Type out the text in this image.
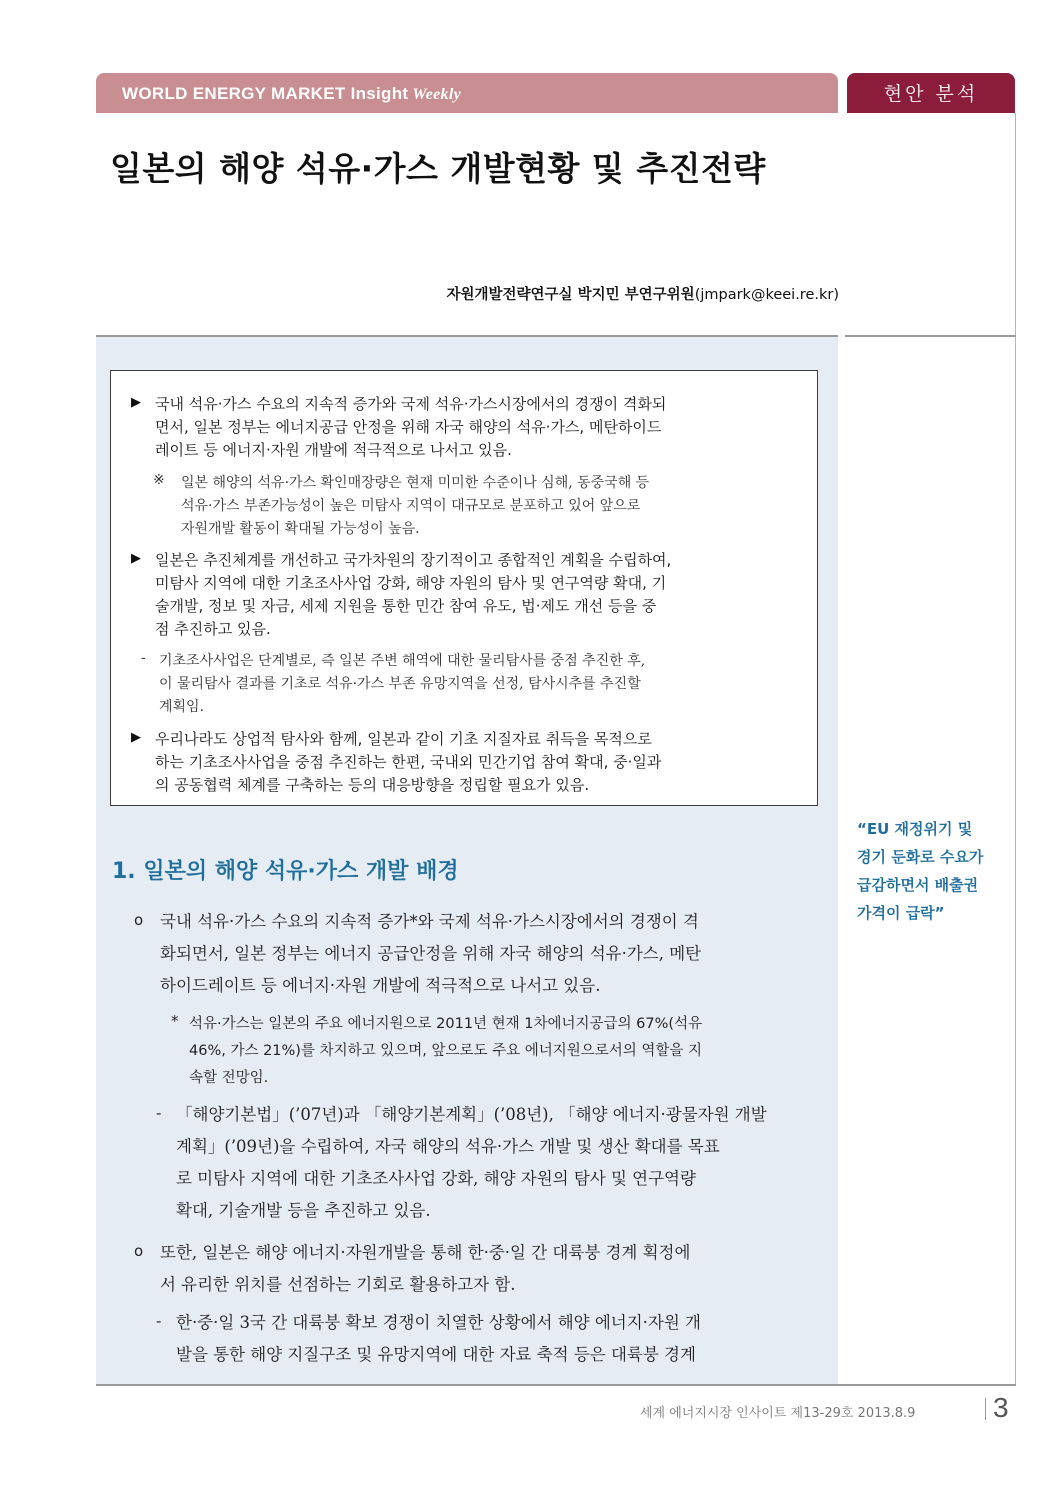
WORLD ENERGY MARKET Insight Weekly	현안 분석
일본의 해양 석유·가스 개발현황 및 추진전략
자원개발전략연구실 박지민 부연구위원(jmpark@keei.re.kr)
▶ 국내 석유·가스 수요의 지속적 증가와 국제 석유·가스시장에서의 경쟁이 격화되
면서, 일본 정부는 에너지공급 안정을 위해 자국 해양의 석유·가스, 메탄하이드
레이트 등 에너지·자원 개발에 적극적으로 나서고 있음.
※ 일본 해양의 석유·가스 확인매장량은 현재 미미한 수준이나 심해, 동중국해 등
석유·가스 부존가능성이 높은 미탐사 지역이 대규모로 분포하고 있어 앞으로
자원개발 활동이 확대될 가능성이 높음.
▶ 일본은 추진체계를 개선하고 국가차원의 장기적이고 종합적인 계획을 수립하여,
미탐사 지역에 대한 기초조사사업 강화, 해양 자원의 탐사 및 연구역량 확대, 기
술개발, 정보 및 자금, 세제 지원을 통한 민간 참여 유도, 법·제도 개선 등을 중
점 추진하고 있음.
- 기초조사사업은 단계별로, 즉 일본 주변 해역에 대한 물리탐사를 중점 추진한 후,
이 물리탐사 결과를 기초로 석유·가스 부존 유망지역을 선정, 탐사시추를 추진할
계획임.
▶ 우리나라도 상업적 탐사와 함께, 일본과 같이 기초 지질자료 취득을 목적으로
하는 기초조사사업을 중점 추진하는 한편, 국내외 민간기업 참여 확대, 중·일과
의 공동협력 체계를 구축하는 등의 대응방향을 정립할 필요가 있음.
“EU 재정위기 및
경기 둔화로 수요가
급감하면서 배출권
가격이 급락”
1. 일본의 해양 석유·가스 개발 배경
o 국내 석유·가스 수요의 지속적 증가*와 국제 석유·가스시장에서의 경쟁이 격
화되면서, 일본 정부는 에너지 공급안정을 위해 자국 해양의 석유·가스, 메탄
하이드레이트 등 에너지·자원 개발에 적극적으로 나서고 있음.
* 석유·가스는 일본의 주요 에너지원으로 2011년 현재 1차에너지공급의 67%(석유
46%, 가스 21%)를 차지하고 있으며, 앞으로도 주요 에너지원으로서의 역할을 지
속할 전망임.
- 「해양기본법」(’07년)과 「해양기본계획」(’08년), 「해양 에너지·광물자원 개발
계획」(’09년)을 수립하여, 자국 해양의 석유·가스 개발 및 생산 확대를 목표
로 미탐사 지역에 대한 기초조사사업 강화, 해양 자원의 탐사 및 연구역량
확대, 기술개발 등을 추진하고 있음.
o 또한, 일본은 해양 에너지·자원개발을 통해 한·중·일 간 대륙붕 경계 획정에
서 유리한 위치를 선점하는 기회로 활용하고자 함.
- 한·중·일 3국 간 대륙붕 확보 경쟁이 치열한 상황에서 해양 에너지·자원 개
발을 통한 해양 지질구조 및 유망지역에 대한 자료 축적 등은 대륙붕 경계
세계 에너지시장 인사이트 제13-29호 2013.8.9	3
